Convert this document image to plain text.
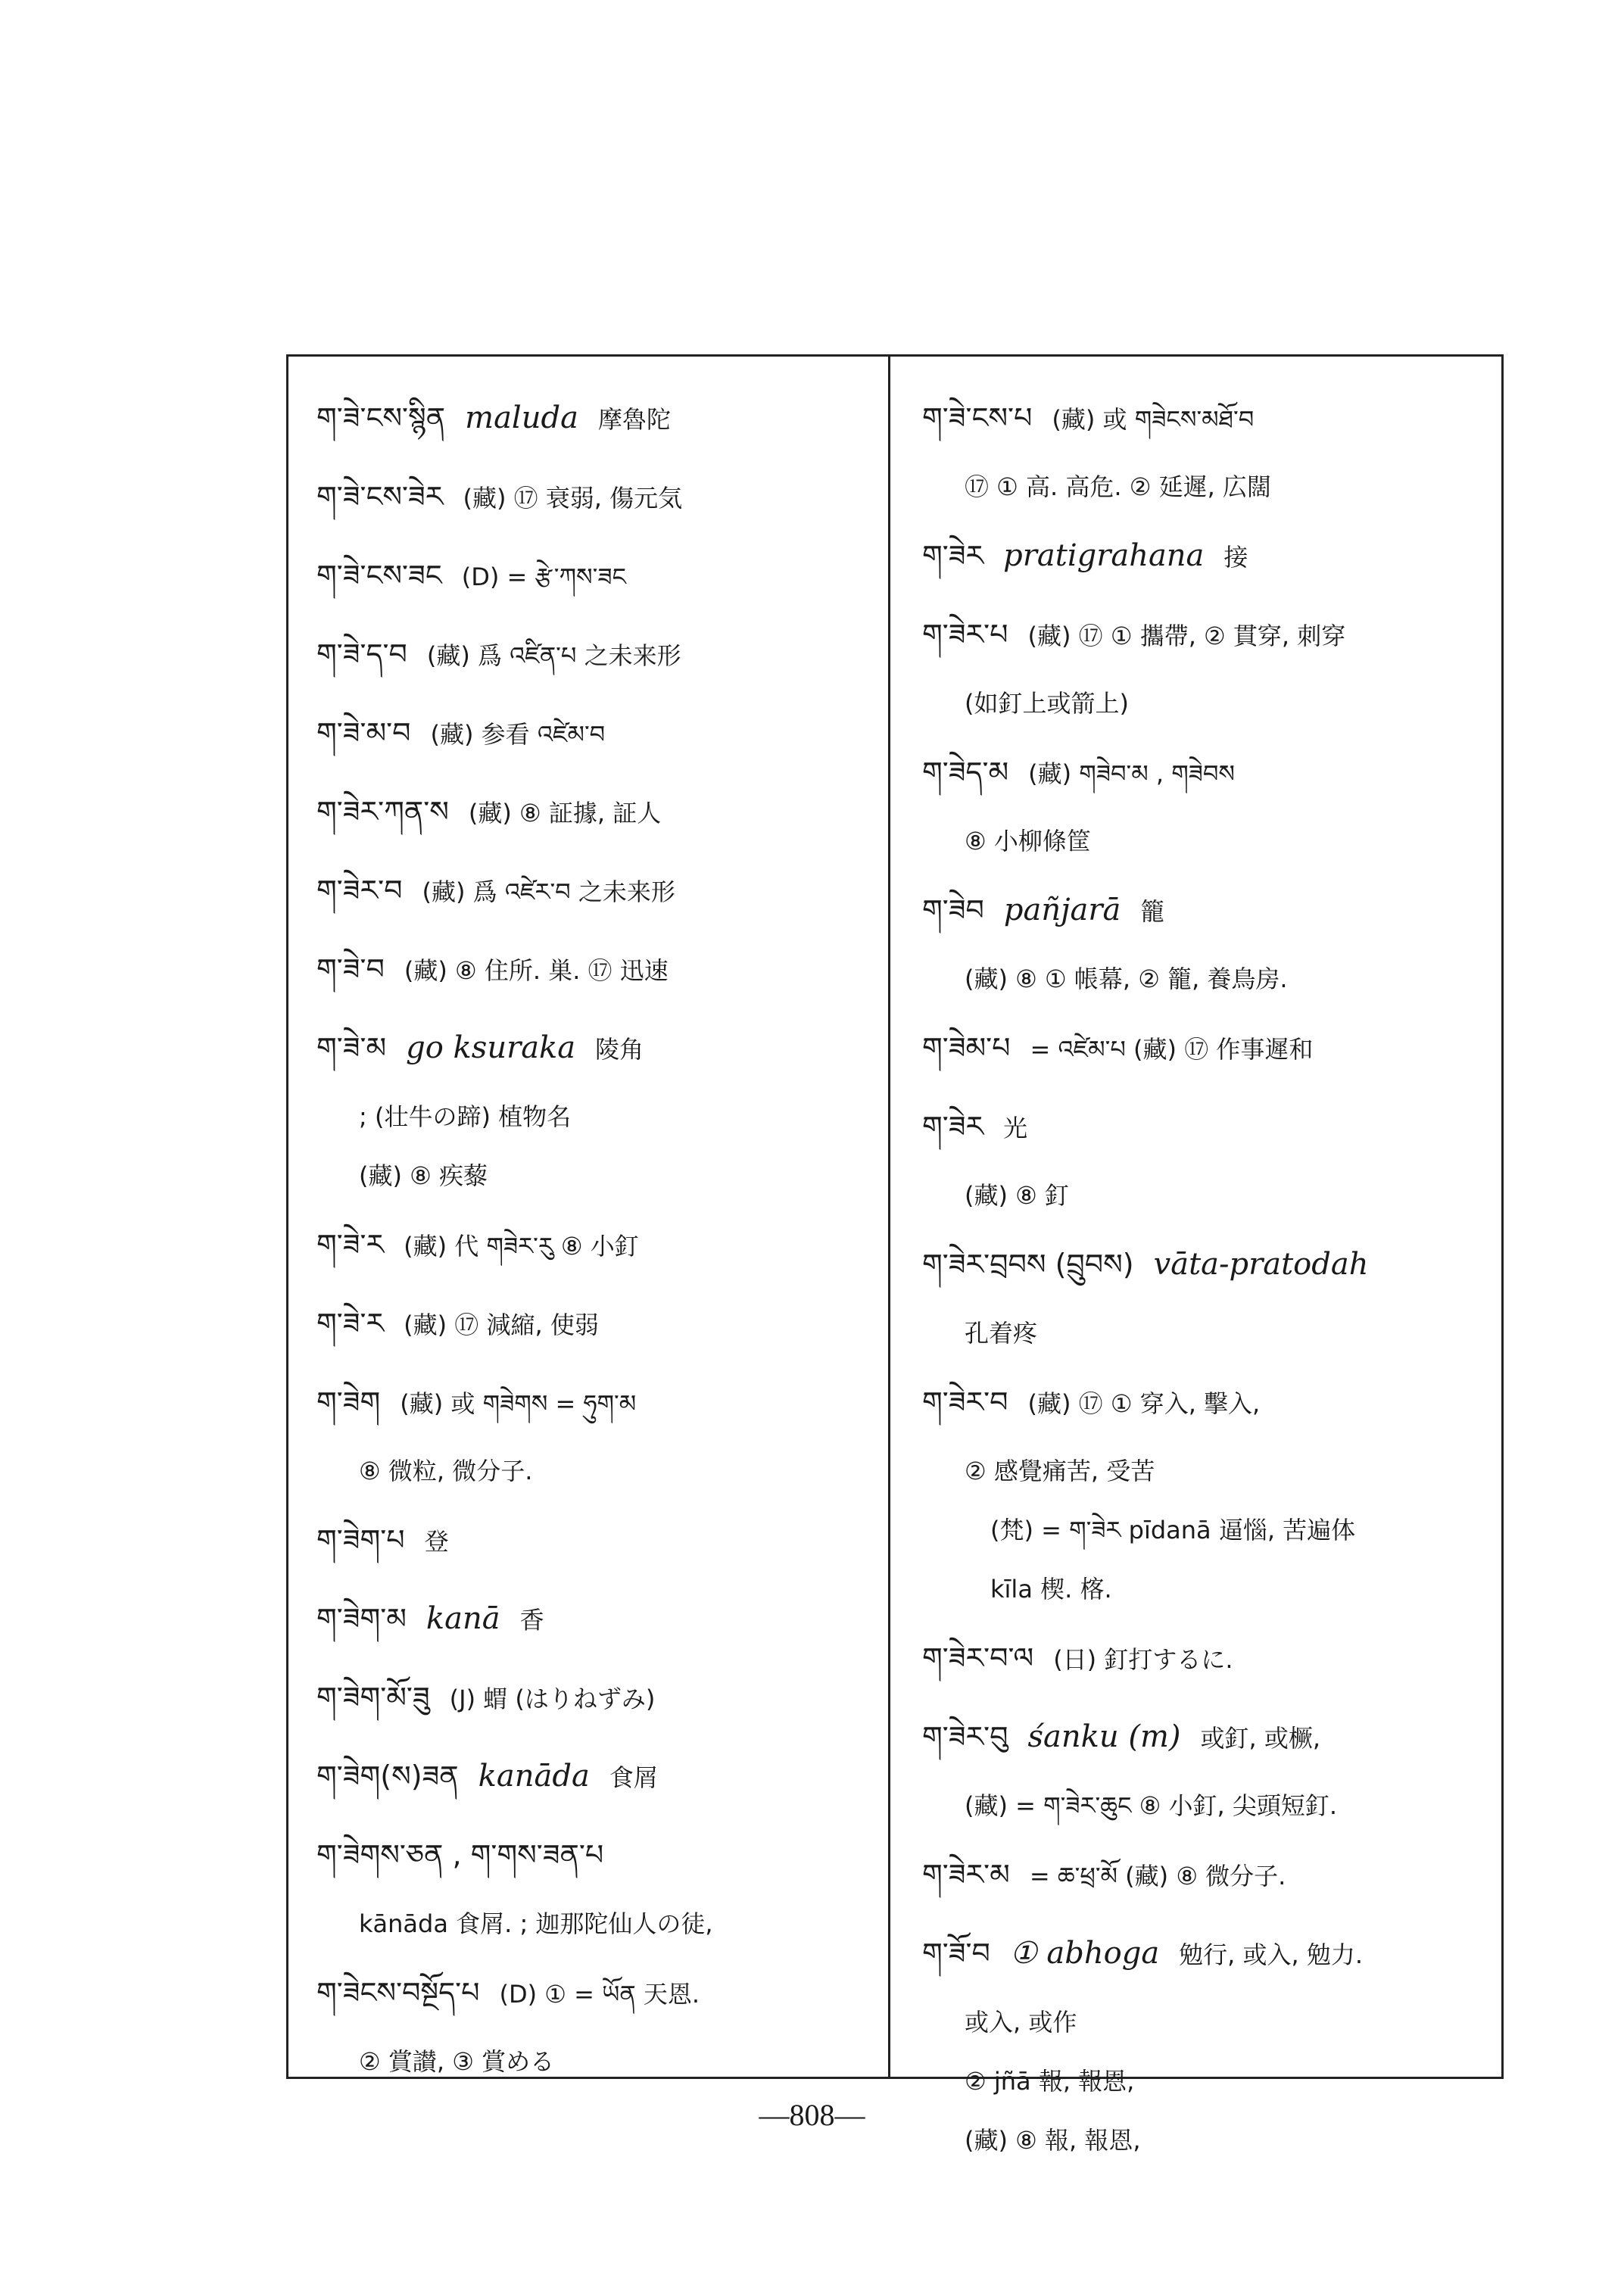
ག་ཟེ་ངས་སྙིན maluda 摩魯陀
ག་ཟེ་ངས་ཟེར (藏) ⑰ 衰弱, 傷元気
ག་ཟེ་ངས་ཟང (D) = རྩེ་ཀས་ཟང
ག་ཟེ་ད་བ (藏) 爲 འཛིན་པ 之未来形
ག་ཟེ་མ་བ (藏) 参看 འཛེམ་བ
ག་ཟེར་ཀན་ས (藏) ⑧ 証據, 証人
ག་ཟེར་བ (藏) 爲 འཛེར་བ 之未来形
ག་ཟེ་བ (藏) ⑧ 住所. 巣. ⑰ 迅速
ག་ཟེ་མ go ksuraka 陵角
; (壮牛の蹄) 植物名
(藏) ⑧ 疾藜
ག་ཟེ་ར (藏) 代 གཟེར་རུ ⑧ 小釘
ག་ཟེ་ར (藏) ⑰ 減縮, 使弱
ག་ཟེག (藏) 或 གཟེགས = ཧུག་མ
⑧ 微粒, 微分子.
ག་ཟེག་པ 登
ག་ཟེག་མ kanā 香
ག་ཟེག་མོ་ཟུ (J) 蝟 (はりねずみ)
ག་ཟེག(ས)ཟན kanāda 食屑
ག་ཟེགས་ཅན , ག་གས་ཟན་པ
kānāda 食屑. ; 迦那陀仙人の徒,
ག་ཟེངས་བསྔོད་པ (D) ① = ཡོན 天恩.
② 賞讃, ③ 賞める
ག་ཟེ་ངས་པ (藏) 或 གཟེངས་མཐོ་བ
⑰ ① 高. 高危. ② 延遲, 広闊
ག་ཟེར pratigrahana 接
ག་ཟེར་པ (藏) ⑰ ① 攜帶, ② 貫穿, 刺穿
(如釘上或箭上)
ག་ཟེད་མ (藏) གཟེབ་མ , གཟེབས
⑧ 小柳條筐
ག་ཟེབ pañjarā 籠
(藏) ⑧ ① 帳幕, ② 籠, 養鳥房.
ག་ཟེམ་པ = འཛེམ་པ (藏) ⑰ 作事遲和
ག་ཟེར 光
(藏) ⑧ 釘
ག་ཟེར་བྲབས (བྲུབས) vāta-pratodah
孔着疼
ག་ཟེར་བ (藏) ⑰ ① 穿入, 擊入,
② 感覺痛苦, 受苦
(梵) = ག་ཟེར pīdanā 逼惱, 苦遍体
kīla 楔. 楁.
ག་ཟེར་བ་ལ (日) 釘打するに.
ག་ཟེར་བུ śanku (m) 或釘, 或橛,
(藏) = ག་ཟེར་ཆུང ⑧ 小釘, 尖頭短釘.
ག་ཟེར་མ = ཆ་ཕྲ་མོ (藏) ⑧ 微分子.
ག་ཟོ་བ ① abhoga 勉行, 或入, 勉力.
或入, 或作
② jñā 報, 報恩,
(藏) ⑧ 報, 報恩,
—808—
